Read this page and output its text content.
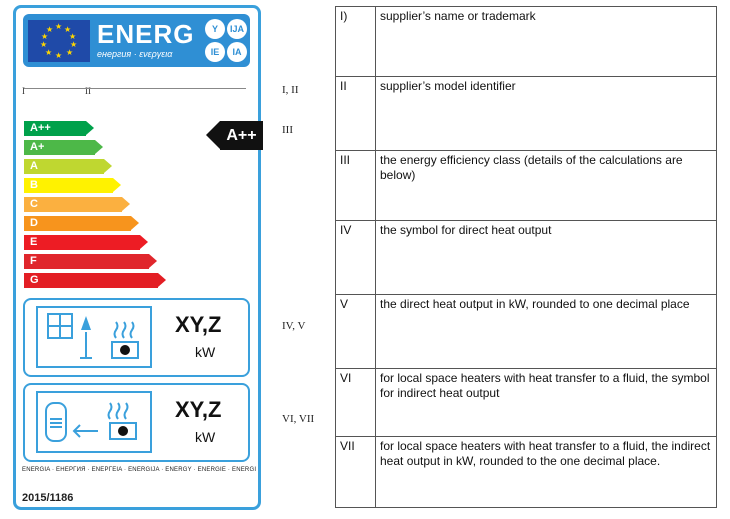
★ ★
★
★
★
★
★
★
★
★ ENERG
енергия · ενεργεια
Y	IJA
IE	IA
I	II
A++
A+
A
B
C
D
E
F
G
A++
XY,Z
kW
XY,Z
kW
ENERGIA · ЕНЕРГИЯ · ENEPΓEIA · ENERGIJA · ENERGY · ENERGIE · ENERGI
2015/1186
I, II
III
IV, V
VI, VII
I)	supplier’s name or trademark
II	supplier’s model identifier
III	the energy efficiency class (details of the calculations are below)
IV	the symbol for direct heat output
V	the direct heat output in kW, rounded to one decimal place
VI	for local space heaters with heat transfer to a fluid, the symbol for indirect heat output
VII	for local space heaters with heat transfer to a fluid, the indirect heat output in kW, rounded to the one decimal place.
